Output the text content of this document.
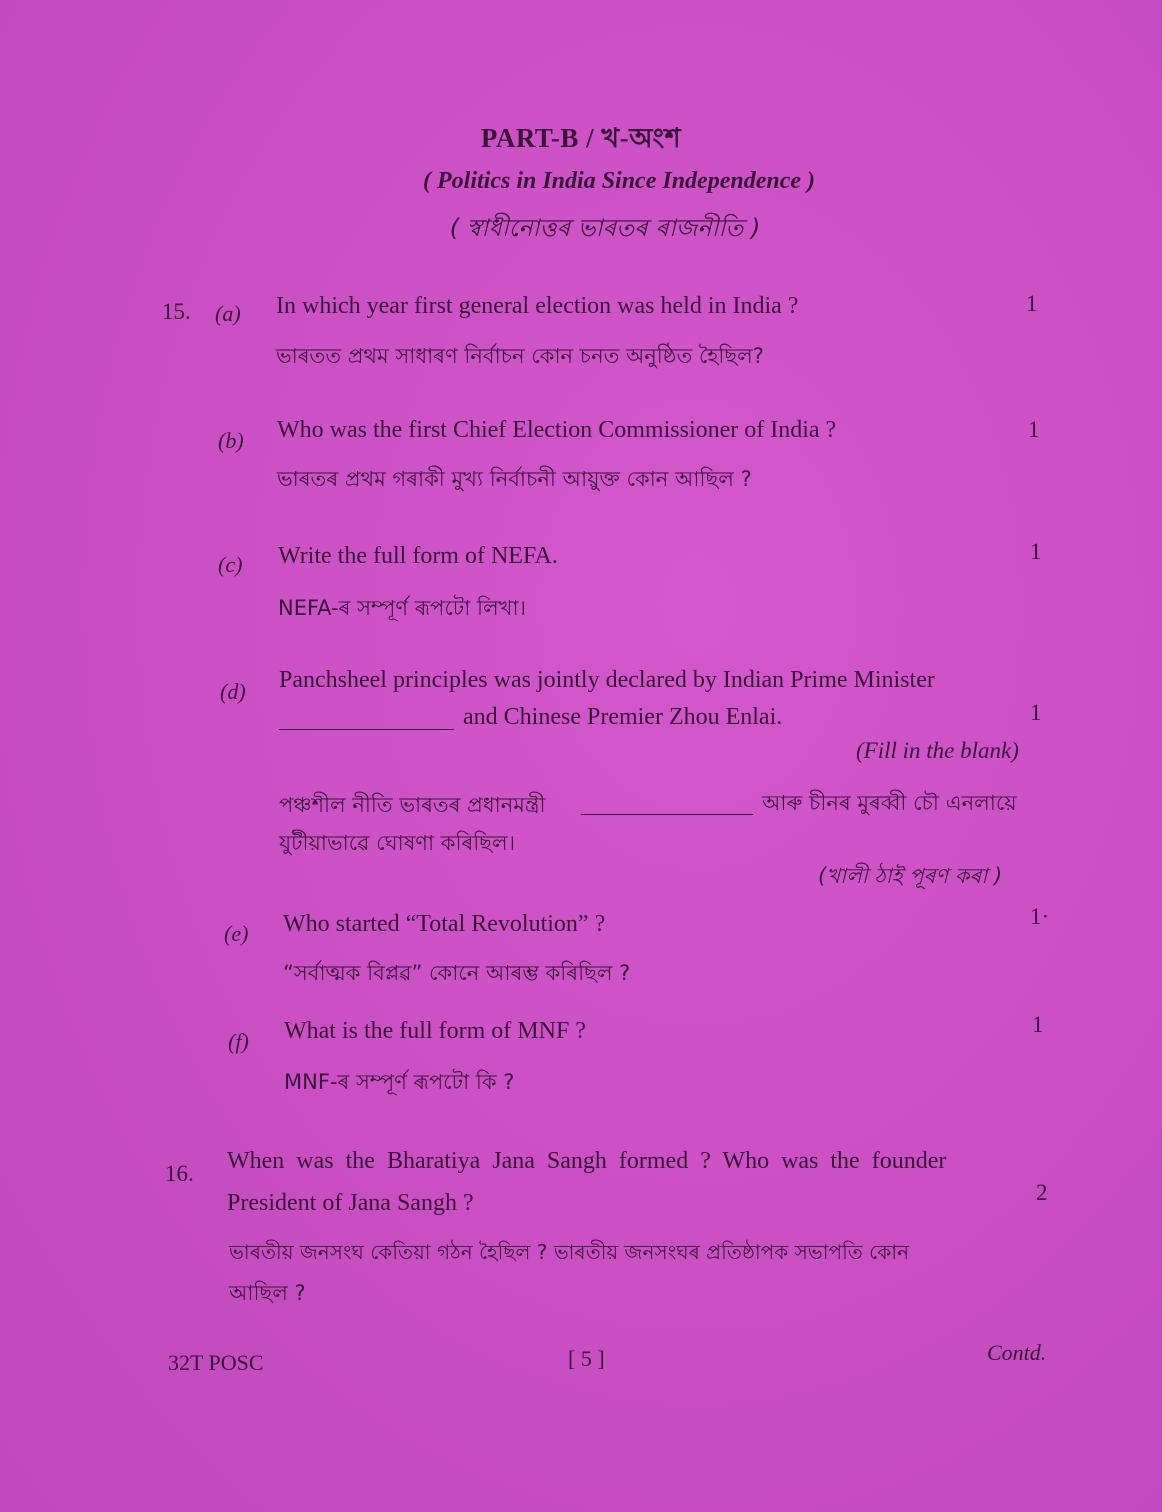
PART-B / খ-অংশ
( Politics in India Since Independence )
( স্বাধীনোত্তৰ ভাৰতৰ ৰাজনীতি )
15. (a) In which year first general election was held in India ?	1
ভাৰতত প্ৰথম সাধাৰণ নিৰ্বাচন কোন চনত অনুষ্ঠিত হৈছিল?
(b) Who was the first Chief Election Commissioner of India ?	1
ভাৰতৰ প্ৰথম গৰাকী মুখ্য নিৰ্বাচনী আয়ুক্ত কোন আছিল ?
(c) Write the full form of NEFA.	1
NEFA-ৰ সম্পূৰ্ণ ৰূপটো লিখা।
(d) Panchsheel principles was jointly declared by Indian Prime Minister
and Chinese Premier Zhou Enlai.	1
(Fill in the blank)
পঞ্চশীল নীতি ভাৰতৰ প্ৰধানমন্ত্ৰী	আৰু চীনৰ মুৰব্বী চৌ এনলায়ে
যুটীয়াভাৱে ঘোষণা কৰিছিল।
(খালী ঠাই পূৰণ কৰা )
(e) Who started “Total Revolution” ?	1·
“সৰ্বাত্মক বিপ্লৱ” কোনে আৰম্ভ কৰিছিল ?
(f) What is the full form of MNF ?	1
MNF-ৰ সম্পূৰ্ণ ৰূপটো কি ?
16. When was the Bharatiya Jana Sangh formed ? Who was the founder
President of Jana Sangh ?	2
ভাৰতীয় জনসংঘ কেতিয়া গঠন হৈছিল ? ভাৰতীয় জনসংঘৰ প্ৰতিষ্ঠাপক সভাপতি কোন
আছিল ?
32T POSC	[ 5 ]	Contd.
